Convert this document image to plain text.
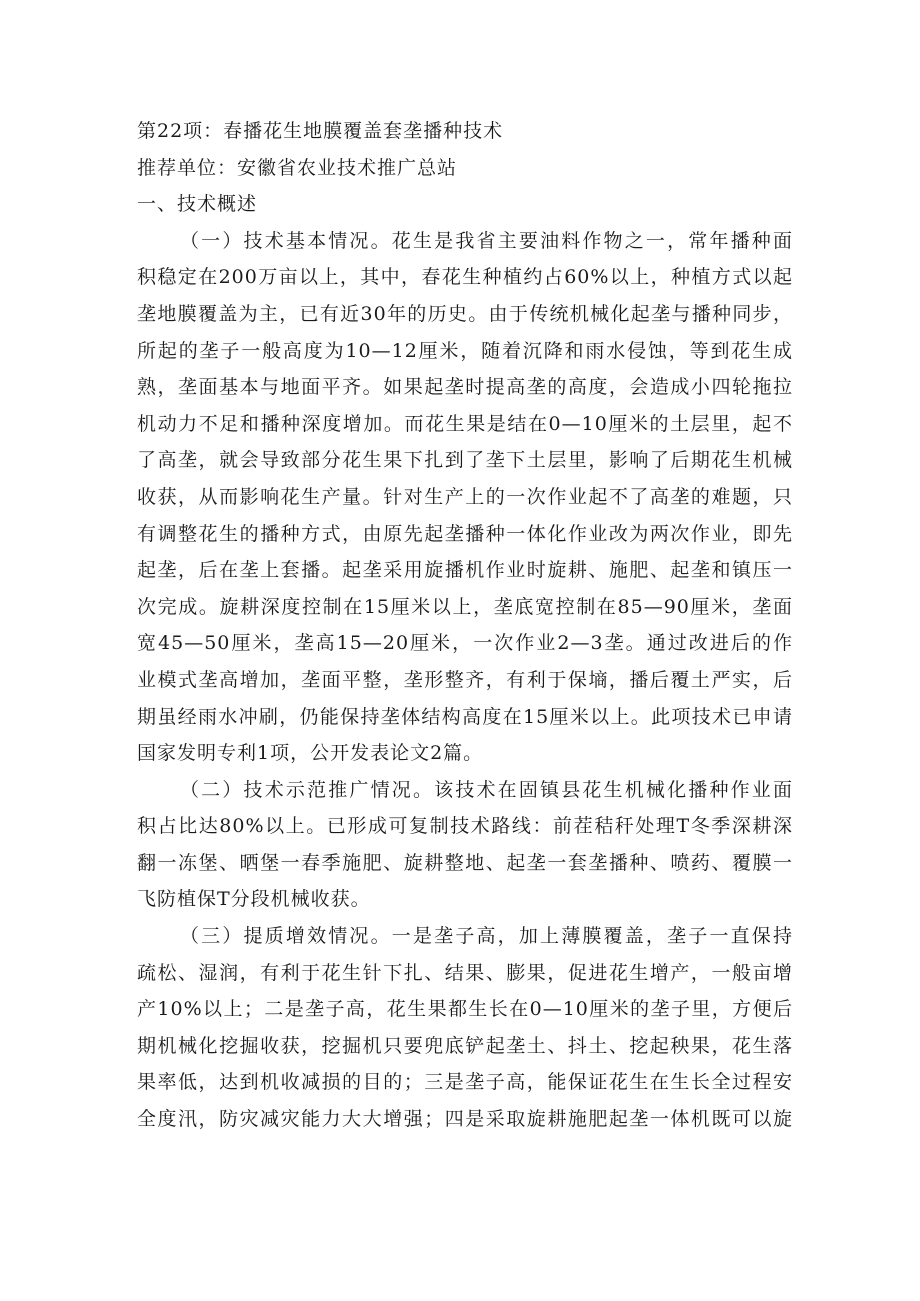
第22项：春播花生地膜覆盖套垄播种技术

推荐单位：安徽省农业技术推广总站

一、技术概述

（一）技术基本情况。花生是我省主要油料作物之一，常年播种面

积稳定在200万亩以上，其中，春花生种植约占60%以上，种植方式以起

垄地膜覆盖为主，已有近30年的历史。由于传统机械化起垄与播种同步，

所起的垄子一般高度为10—12厘米，随着沉降和雨水侵蚀，等到花生成

熟，垄面基本与地面平齐。如果起垄时提高垄的高度，会造成小四轮拖拉

机动力不足和播种深度增加。而花生果是结在0—10厘米的土层里，起不

了高垄，就会导致部分花生果下扎到了垄下土层里，影响了后期花生机械

收获，从而影响花生产量。针对生产上的一次作业起不了高垄的难题，只

有调整花生的播种方式，由原先起垄播种一体化作业改为两次作业，即先

起垄，后在垄上套播。起垄采用旋播机作业时旋耕、施肥、起垄和镇压一

次完成。旋耕深度控制在15厘米以上，垄底宽控制在85—90厘米，垄面

宽45—50厘米，垄高15—20厘米，一次作业2—3垄。通过改进后的作

业模式垄高增加，垄面平整，垄形整齐，有利于保墒，播后覆土严实，后

期虽经雨水冲刷，仍能保持垄体结构高度在15厘米以上。此项技术已申请

国家发明专利1项，公开发表论文2篇。

（二）技术示范推广情况。该技术在固镇县花生机械化播种作业面

积占比达80%以上。已形成可复制技术路线：前茬秸秆处理T冬季深耕深

翻一冻堡、晒堡一春季施肥、旋耕整地、起垄一套垄播种、喷药、覆膜一

飞防植保T分段机械收获。

（三）提质增效情况。一是垄子高，加上薄膜覆盖，垄子一直保持

疏松、湿润，有利于花生针下扎、结果、膨果，促进花生增产，一般亩增

产10%以上；二是垄子高，花生果都生长在0—10厘米的垄子里，方便后

期机械化挖掘收获，挖掘机只要兜底铲起垄土、抖土、挖起秧果，花生落

果率低，达到机收减损的目的；三是垄子高，能保证花生在生长全过程安

全度汛，防灾减灾能力大大增强；四是采取旋耕施肥起垄一体机既可以旋
